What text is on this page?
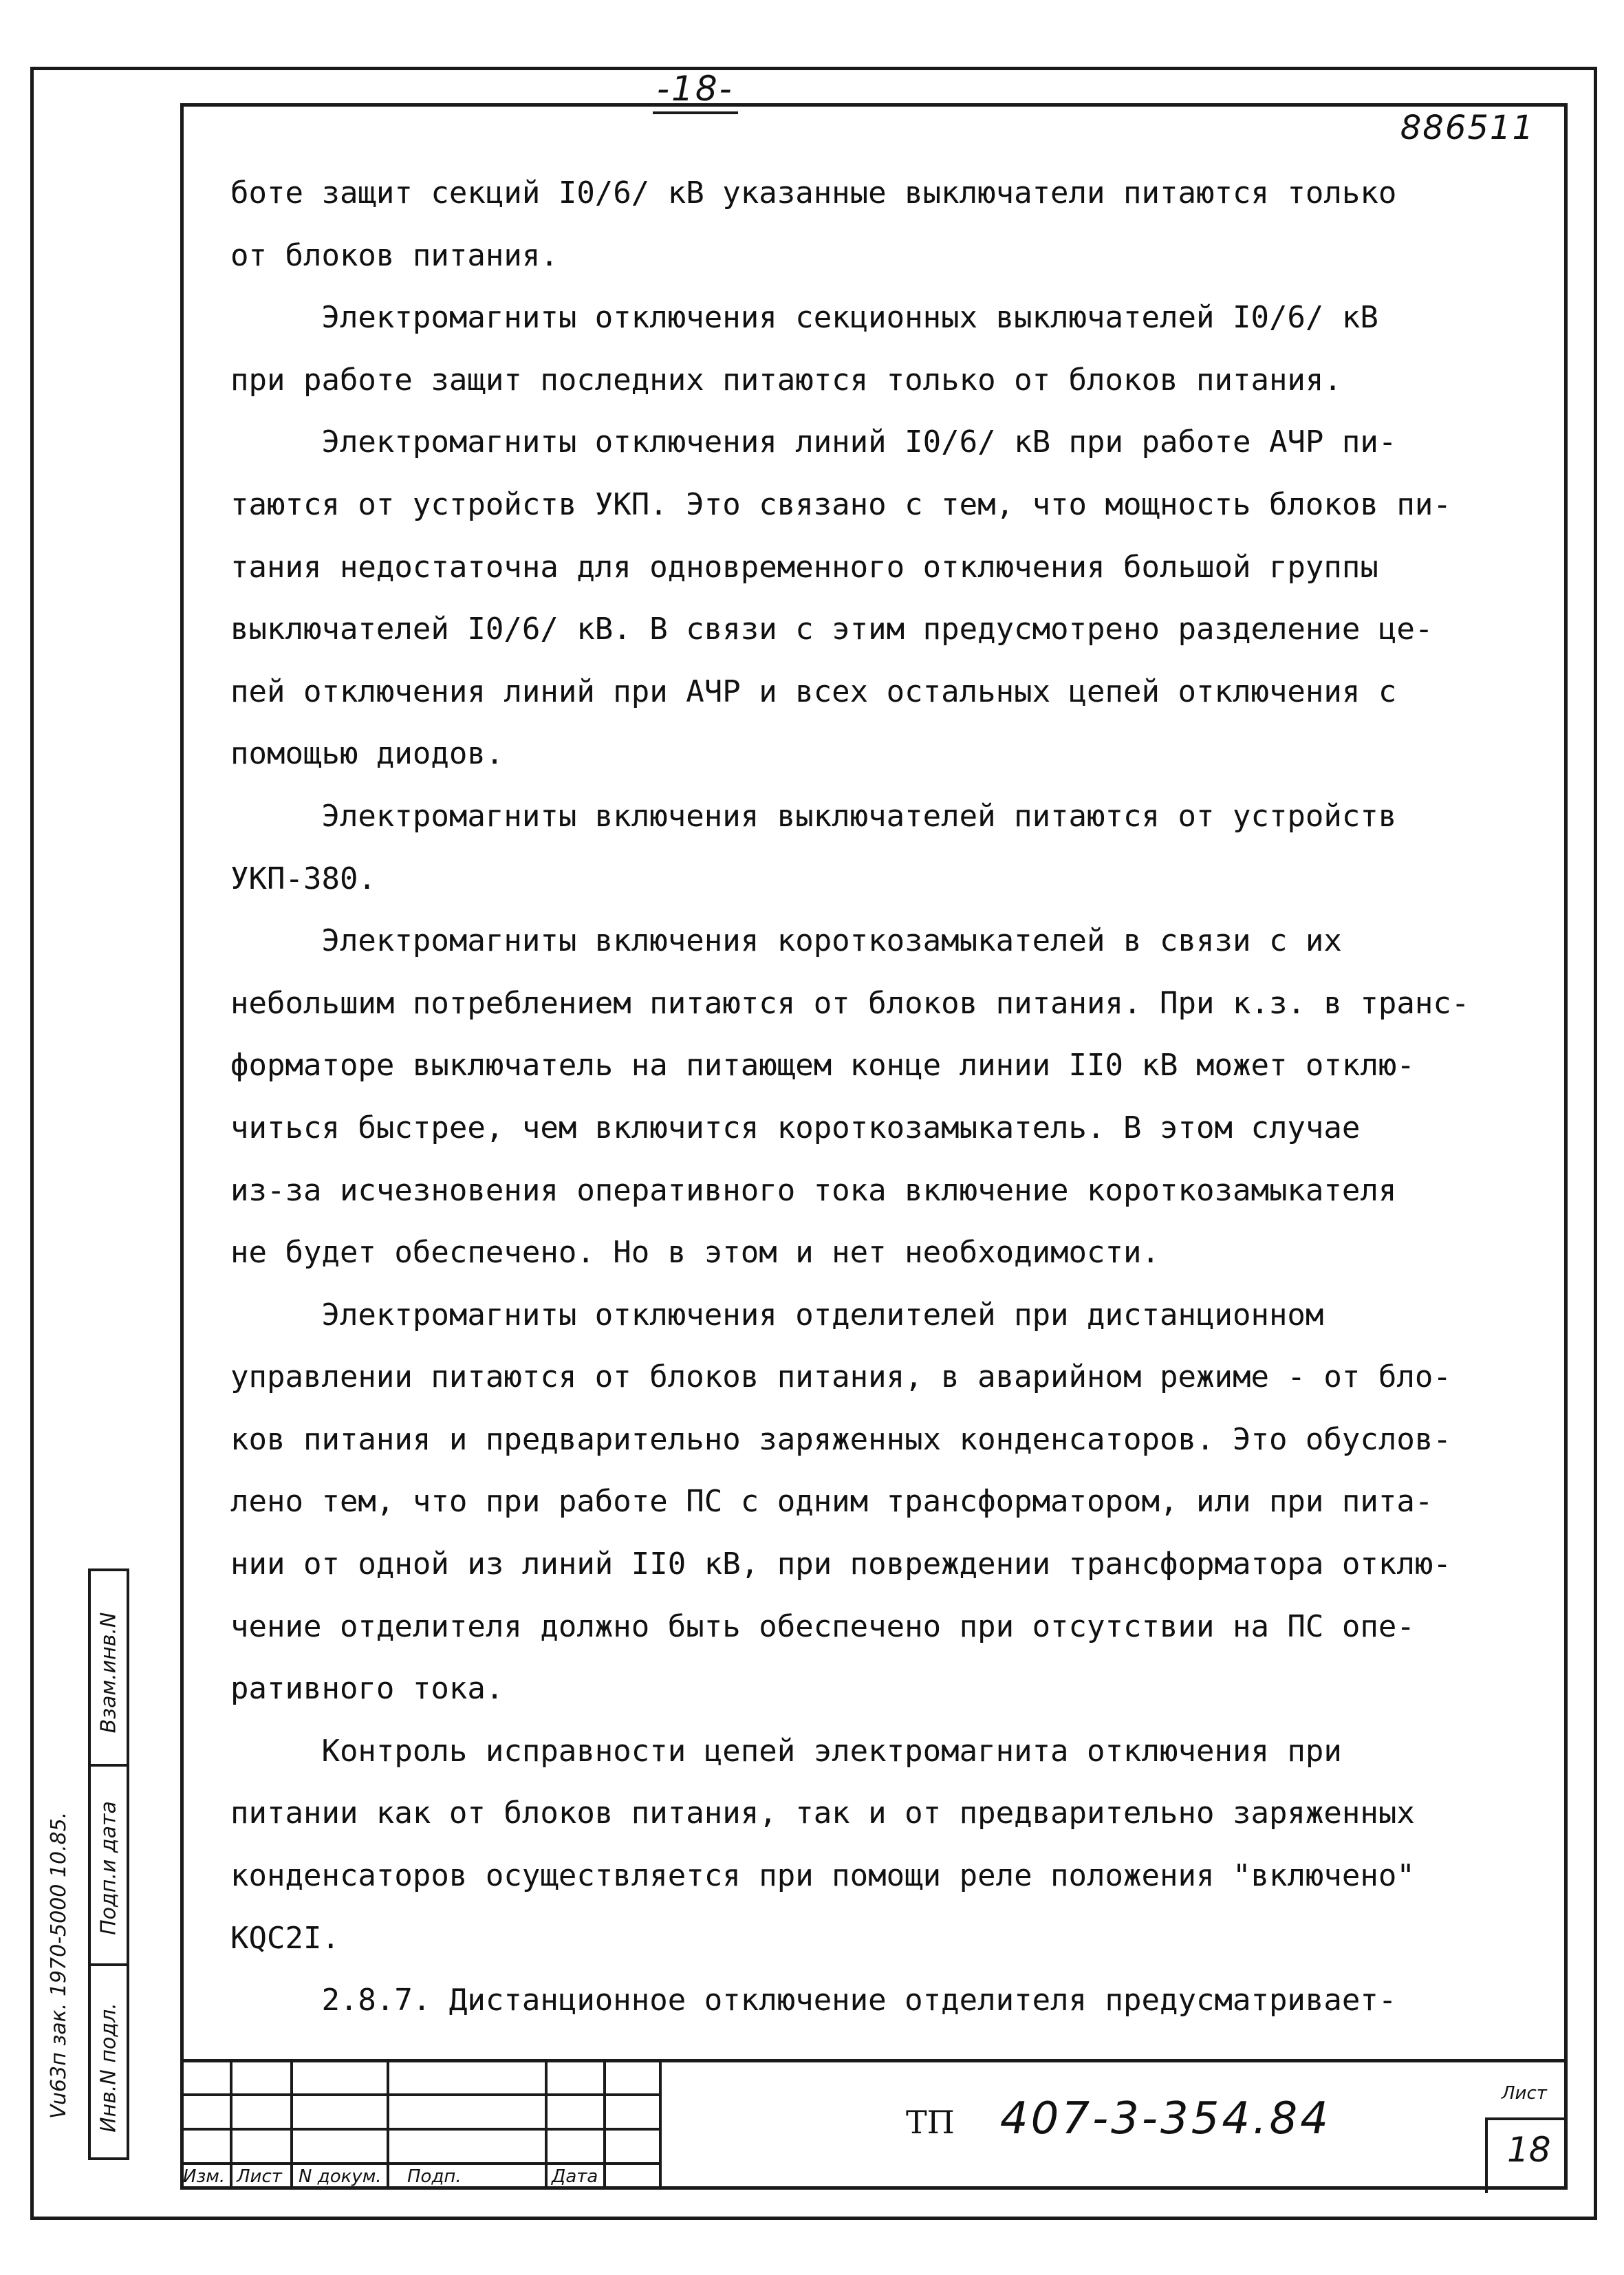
-18-
886511
боте защит секций I0/6/ кВ указанные выключатели питаются только
от блоков питания.
Электромагниты отключения секционных выключателей I0/6/ кВ
при работе защит последних питаются только от блоков питания.
Электромагниты отключения линий I0/6/ кВ при работе АЧР пи-
таются от устройств УКП. Это связано с тем, что мощность блоков пи-
тания недостаточна для одновременного отключения большой группы
выключателей I0/6/ кВ. В связи с этим предусмотрено разделение це-
пей отключения линий при АЧР и всех остальных цепей отключения с
помощью диодов.
Электромагниты включения выключателей питаются от устройств
УКП-380.
Электромагниты включения короткозамыкателей в связи с их
небольшим потреблением питаются от блоков питания. При к.з. в транс-
форматоре выключатель на питающем конце линии II0 кВ может отклю-
читься быстрее, чем включится короткозамыкатель. В этом случае
из-за исчезновения оперативного тока включение короткозамыкателя
не будет обеспечено. Но в этом и нет необходимости.
Электромагниты отключения отделителей при дистанционном
управлении питаются от блоков питания, в аварийном режиме - от бло-
ков питания и предварительно заряженных конденсаторов. Это обуслов-
лено тем, что при работе ПС с одним трансформатором, или при пита-
нии от одной из линий II0 кВ, при повреждении трансформатора отклю-
чение отделителя должно быть обеспечено при отсутствии на ПС опе-
ративного тока.
Контроль исправности цепей электромагнита отключения при
питании как от блоков питания, так и от предварительно заряженных
конденсаторов осуществляется при помощи реле положения "включено"
KQC2I.
2.8.7. Дистанционное отключение отделителя предусматривает-
Взам.инв.N
Подп.и дата
Инв.N подл.
Vu63п зак. 1970-5000 10.85.
Изм. Лист N докум. Подп.	Дата
ТП 407-3-354.84	Лист
18
